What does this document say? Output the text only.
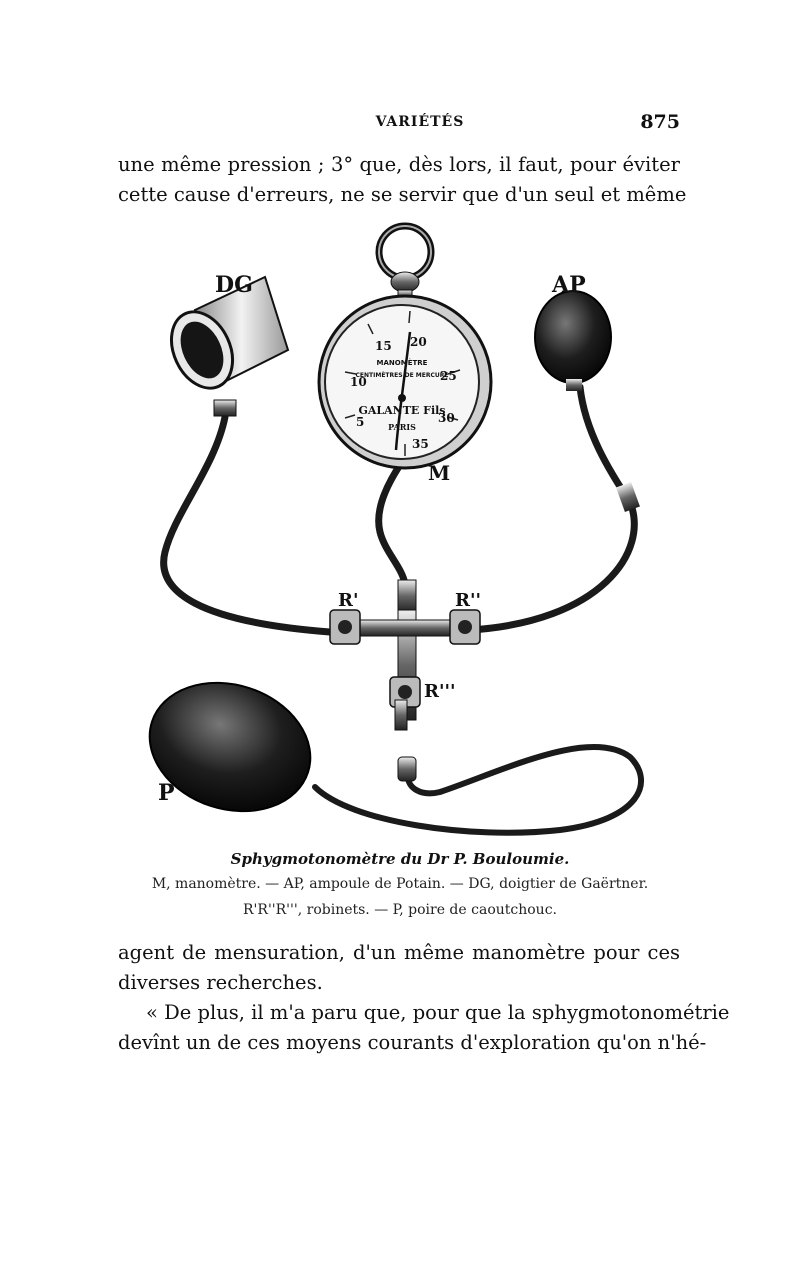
VARIÉTÉS	875

une même pression ; 3° que, dès lors, il faut, pour éviter
cette cause d'erreurs, ne se servir que d'un seul et même

15 20
10	25
5	30
35
MANOMÈTRE
CENTIMÈTRES DE MERCURE
GALANTE Fils
PARIS
DG	AP
M
R'	R''
R'''
P
Sphygmotonomètre du Dr P. Bouloumie.
M, manomètre. — AP, ampoule de Potain. — DG, doigtier de Gaërtner.
R'R''R''', robinets. — P, poire de caoutchouc.

agent de mensuration, d'un même manomètre pour ces
diverses recherches.
« De plus, il m'a paru que, pour que la sphygmotonométrie
devînt un de ces moyens courants d'exploration qu'on n'hé-
